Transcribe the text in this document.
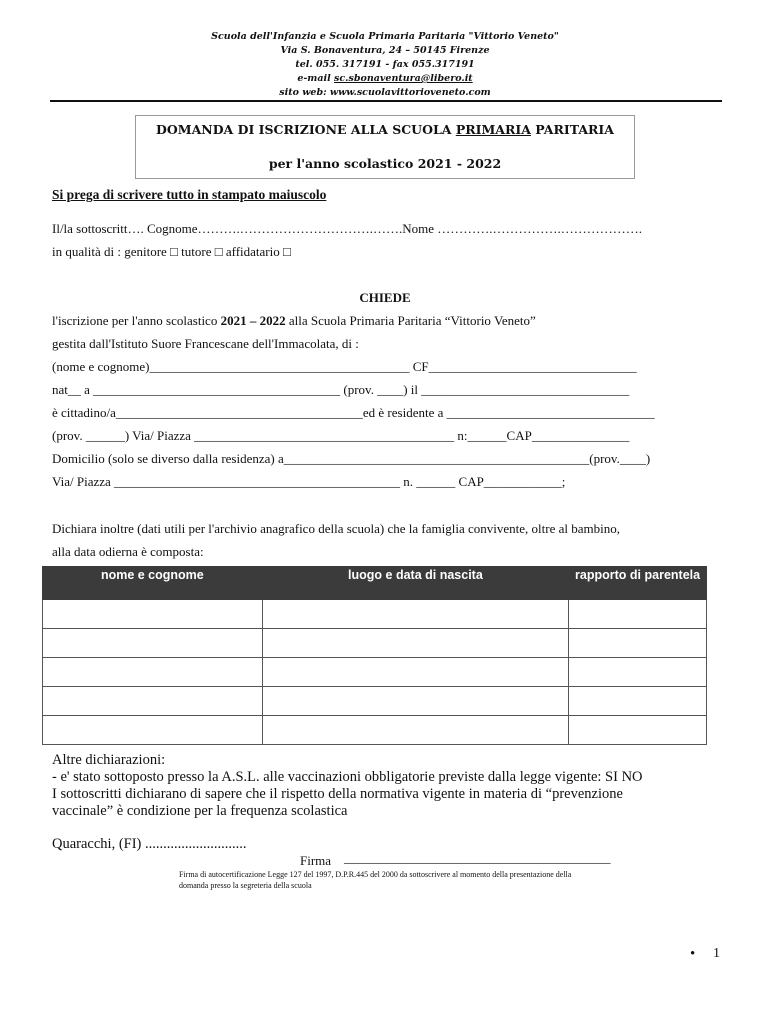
Scuola dell'Infanzia e Scuola Primaria Paritaria "Vittorio Veneto"
Via S. Bonaventura, 24 – 50145 Firenze
tel. 055. 317191 - fax 055.317191
e-mail sc.sbonaventura@libero.it
sito web: www.scuolavittorioveneto.com
DOMANDA DI ISCRIZIONE ALLA SCUOLA PRIMARIA PARITARIA
per l'anno scolastico 2021 - 2022
Si prega di scrivere tutto in stampato maiuscolo
Il/la sottoscritt…. Cognome……….………………………….…….Nome ………….…………….……………….
in qualità di : genitore □ tutore □ affidatario □
CHIEDE
l'iscrizione per l'anno scolastico 2021 – 2022 alla Scuola Primaria Paritaria “Vittorio Veneto”
gestita dall'Istituto Suore Francescane dell'Immacolata, di :
(nome e cognome)________________________________________ CF________________________________
nat__ a ______________________________________ (prov. ____) il ________________________________
è cittadino/a______________________________________ed è residente a ________________________________
(prov. ______) Via/ Piazza ________________________________________ n:______CAP_______________
Domicilio (solo se diverso dalla residenza) a_______________________________________________(prov.____)
Via/ Piazza ____________________________________________ n. ______ CAP____________;
Dichiara inoltre (dati utili per l'archivio anagrafico della scuola) che la famiglia convivente, oltre al bambino,
alla data odierna è composta:
nome e cognome	luogo e data di nascita	rapporto di parentela

Altre dichiarazioni:
- e' stato sottoposto presso la A.S.L. alle vaccinazioni obbligatorie previste dalla legge vigente: SI NO
I sottoscritti dichiarano di sapere che il rispetto della normativa vigente in materia di “prevenzione
vaccinale” è condizione per la frequenza scolastica
Quaracchi, (FI) ............................
Firma _________________________________________
Firma di autocertificazione Legge 127 del 1997, D.P.R.445 del 2000 da sottoscrivere al momento della presentazione della
domanda presso la segreteria della scuola
• 1
